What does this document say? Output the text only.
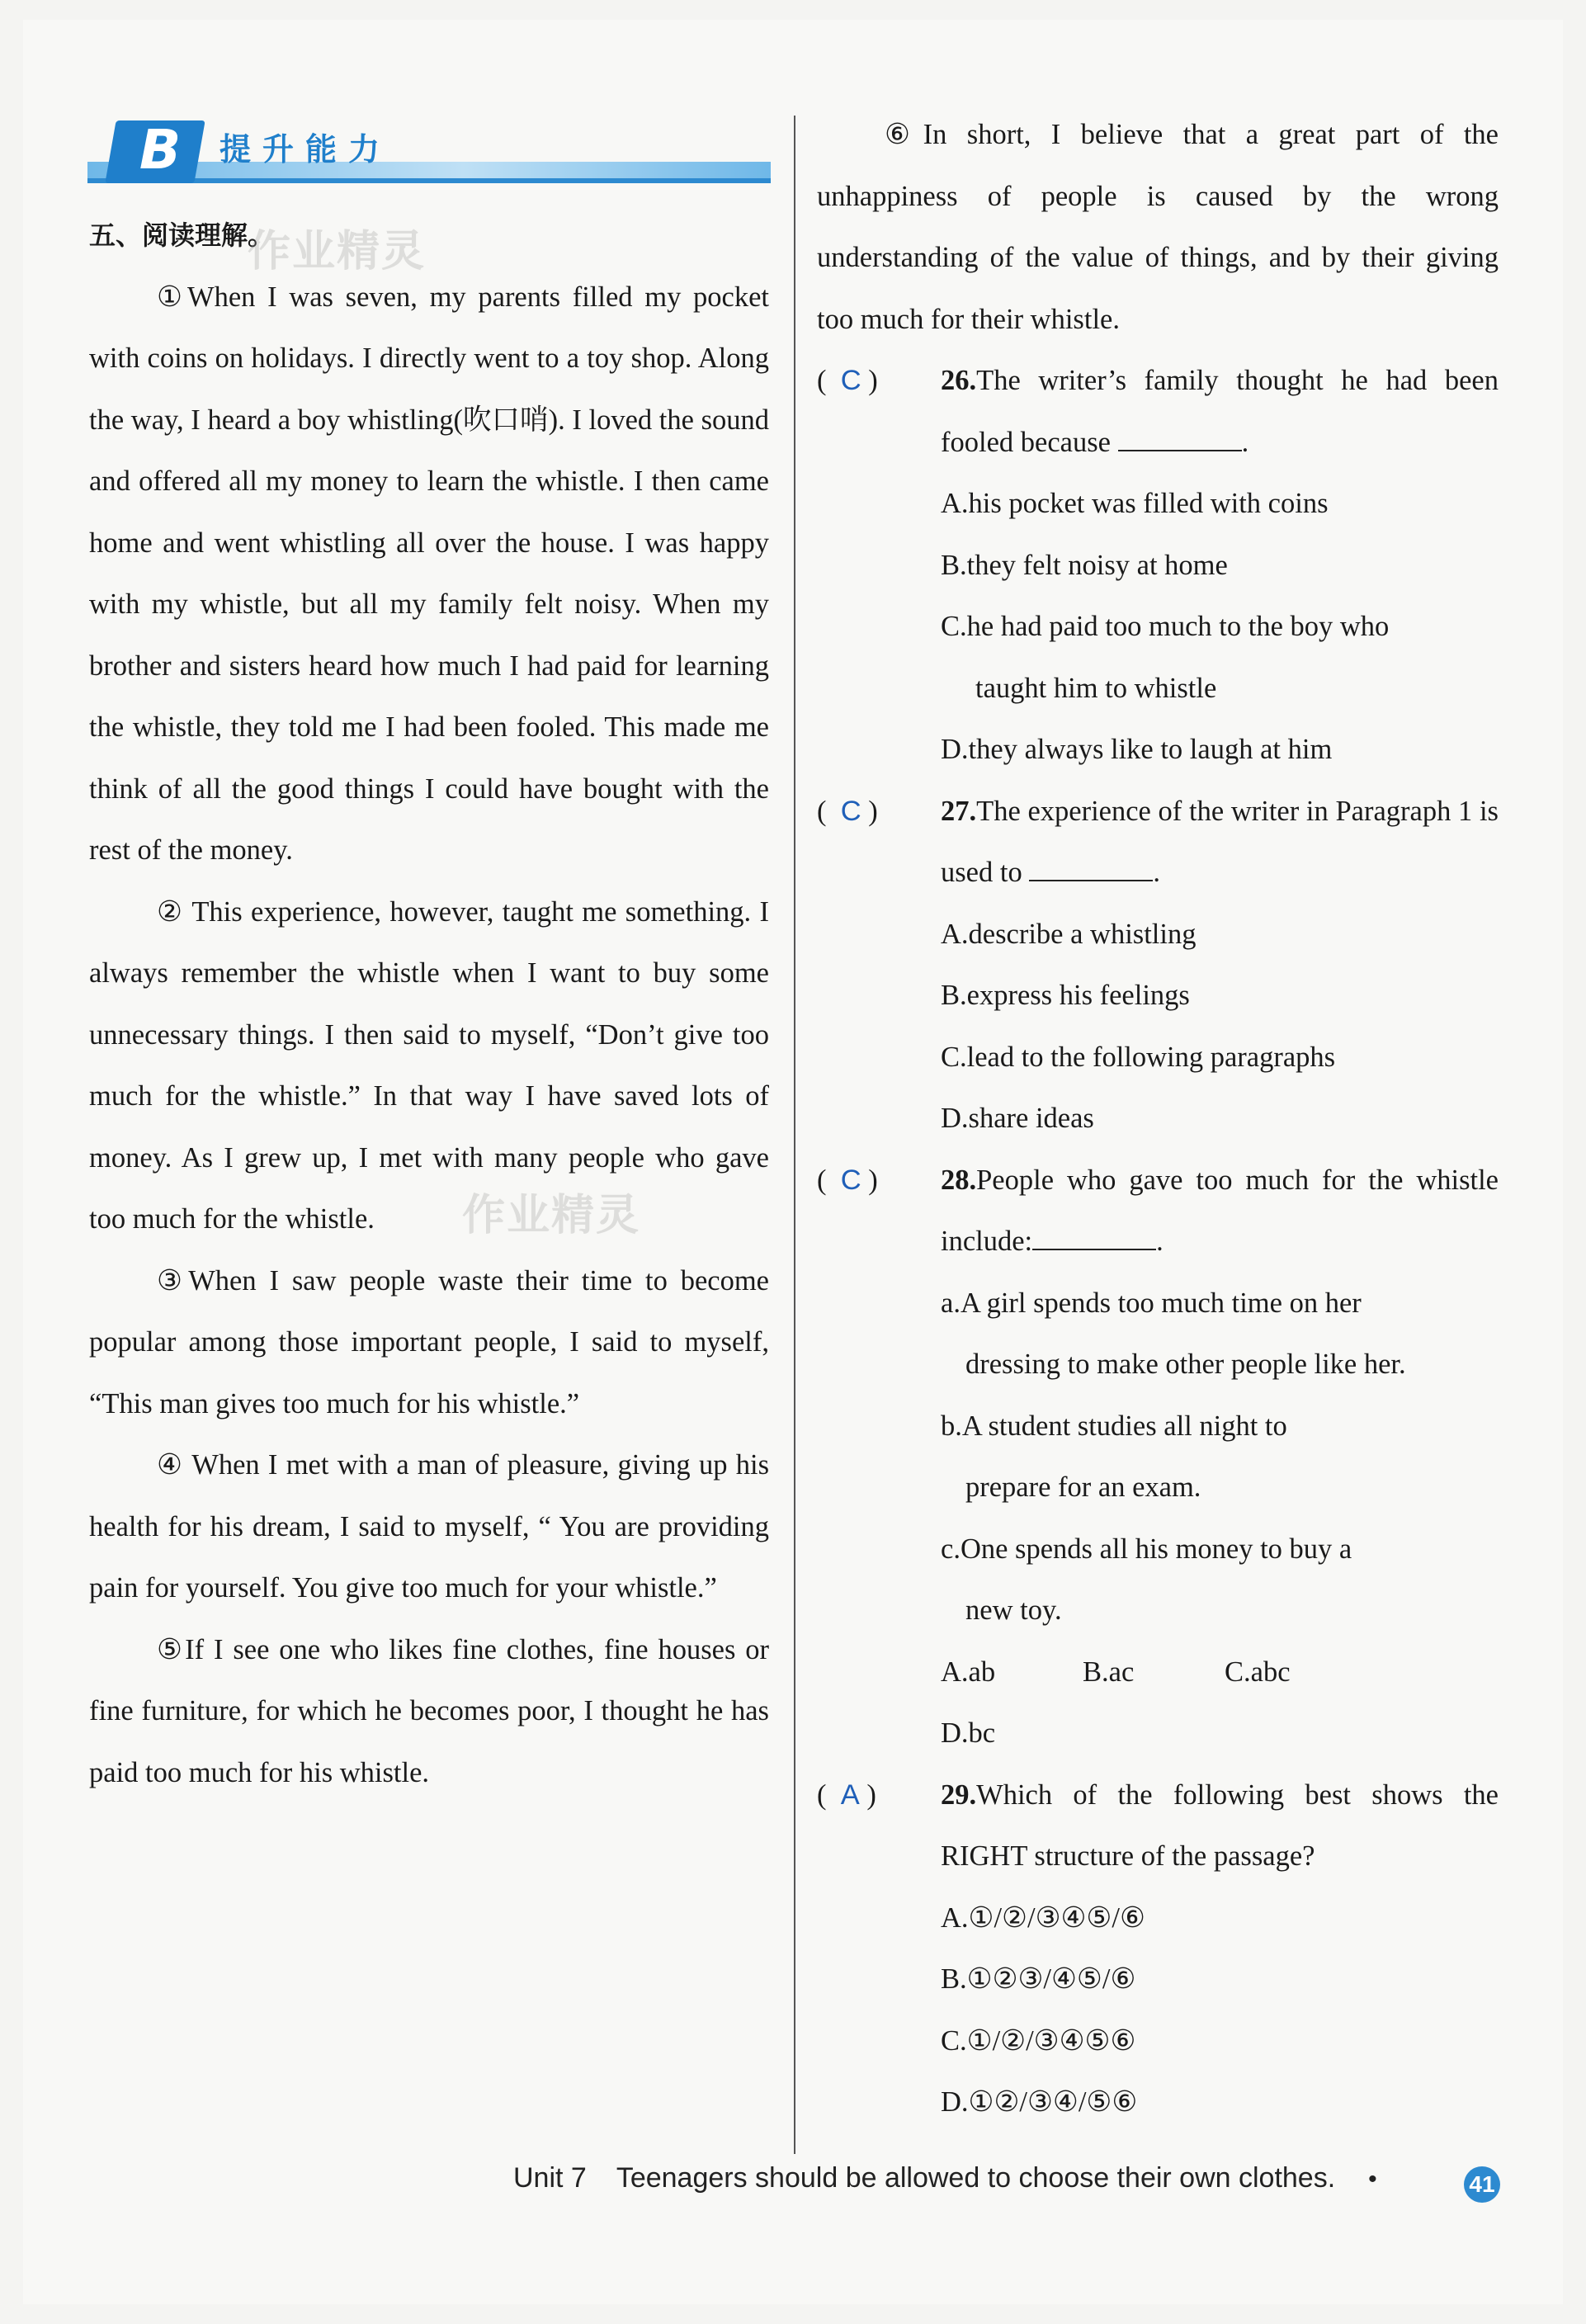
B	提升能力
五、阅读理解。

①When I was seven, my parents filled my pocket with coins on holidays. I directly went to a toy shop. Along the way, I heard a boy whistling(吹口哨). I loved the sound and offered all my money to learn the whistle. I then came home and went whistling all over the house. I was happy with my whistle, but all my family felt noisy. When my brother and sisters heard how much I had paid for learning the whistle, they told me I had been fooled. This made me think of all the good things I could have bought with the rest of the money.

② This experience, however, taught me something. I always remember the whistle when I want to buy some unnecessary things. I then said to myself, “Don’t give too much for the whistle.” In that way I have saved lots of money. As I grew up, I met with many people who gave too much for the whistle.

③When I saw people waste their time to become popular among those important people, I said to myself, “This man gives too much for his whistle.”

④ When I met with a man of pleasure, giving up his health for his dream, I said to myself, “ You are providing pain for yourself. You give too much for your whistle.”

⑤If I see one who likes fine clothes, fine houses or fine furniture, for which he becomes poor, I thought he has paid too much for his whistle.

⑥In short, I believe that a great part of the unhappiness of people is caused by the wrong understanding of the value of things, and by their giving too much for their whistle.

(  C ) 26.The writer’s family thought he had been fooled because	.
A.his pocket was filled with coins
B.they felt noisy at home
C.he had paid too much to the boy who
taught him to whistle
D.they always like to laugh at him
(  C ) 27.The experience of the writer in Paragraph 1 is used to	.
A.describe a whistling
B.express his feelings
C.lead to the following paragraphs
D.share ideas
(  C ) 28.People who gave too much for the whistle include:	.
a.A girl spends too much time on her
dressing to make other people like her.
b.A student studies all night to
prepare for an exam.
c.One spends all his money to buy a
new toy.
A.ab	B.ac	C.abcD.bc
(  A ) 29.Which of the following best shows the RIGHT structure of the passage?
A.①/②/③④⑤/⑥
B.①②③/④⑤/⑥
C.①/②/③④⑤⑥
D.①②/③④/⑤⑥
作业精灵
作业精灵
Unit 7 Teenagers should be allowed to choose their own clothes. •	41
